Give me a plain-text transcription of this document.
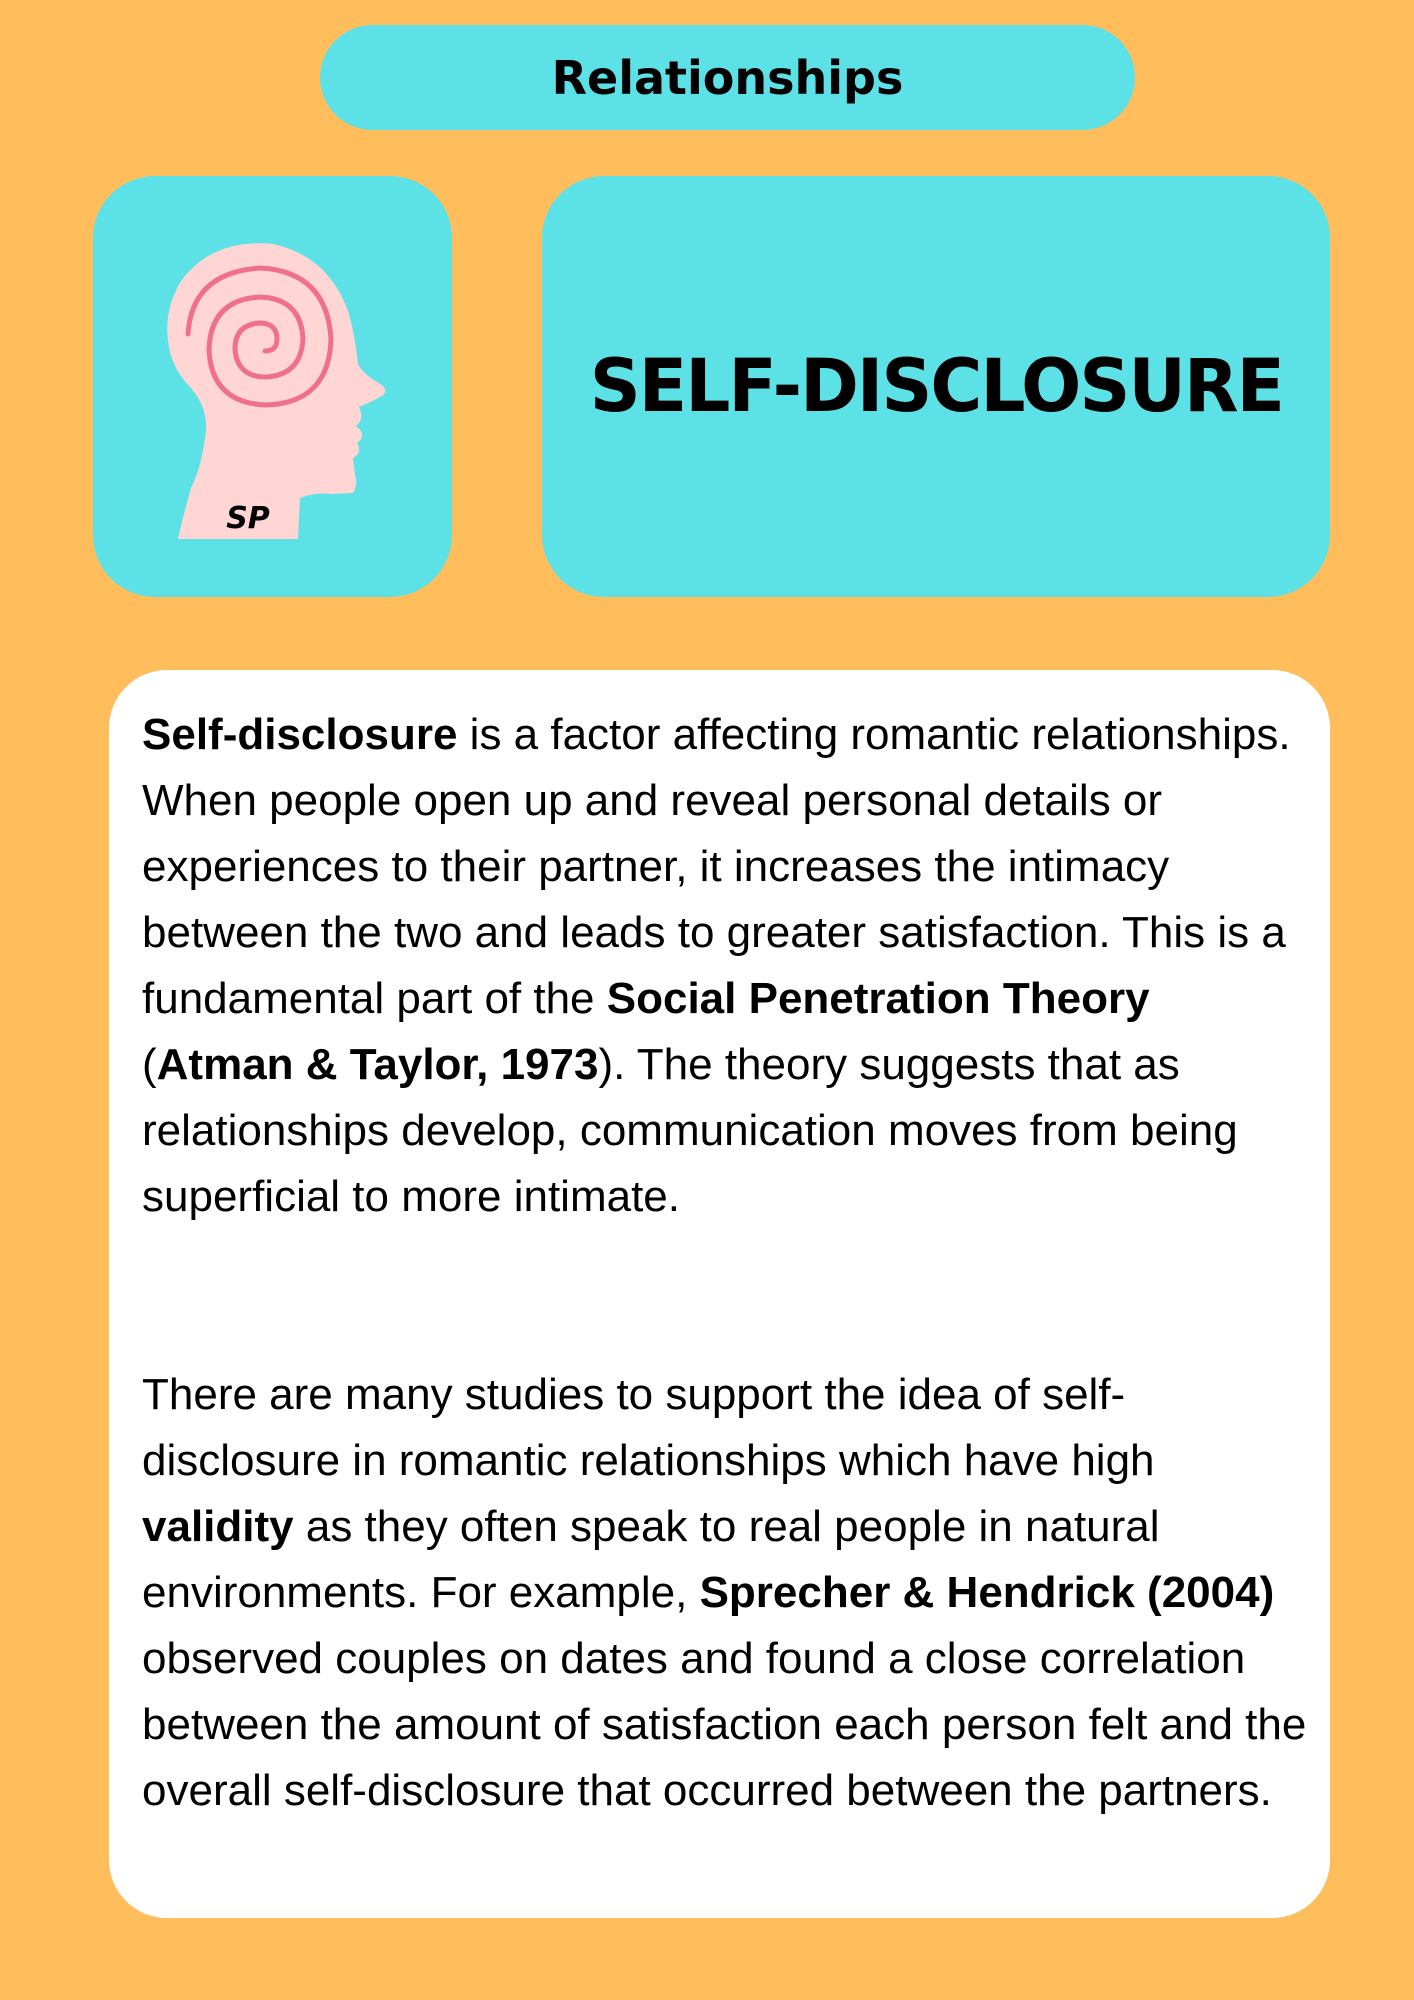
Relationships
SP
SELF-DISCLOSURE

Self-disclosure is a factor affecting romantic relationships. When people open up and reveal personal details or experiences to their partner, it increases the intimacy between the two and leads to greater satisfaction. This is a fundamental part of the Social Penetration Theory (Atman & Taylor, 1973). The theory suggests that as relationships develop, communication moves from being superficial to more intimate.

There are many studies to support the idea of self-disclosure in romantic relationships which have high validity as they often speak to real people in natural environments. For example, Sprecher & Hendrick (2004) observed couples on dates and found a close correlation between the amount of satisfaction each person felt and the overall self-disclosure that occurred between the partners.
